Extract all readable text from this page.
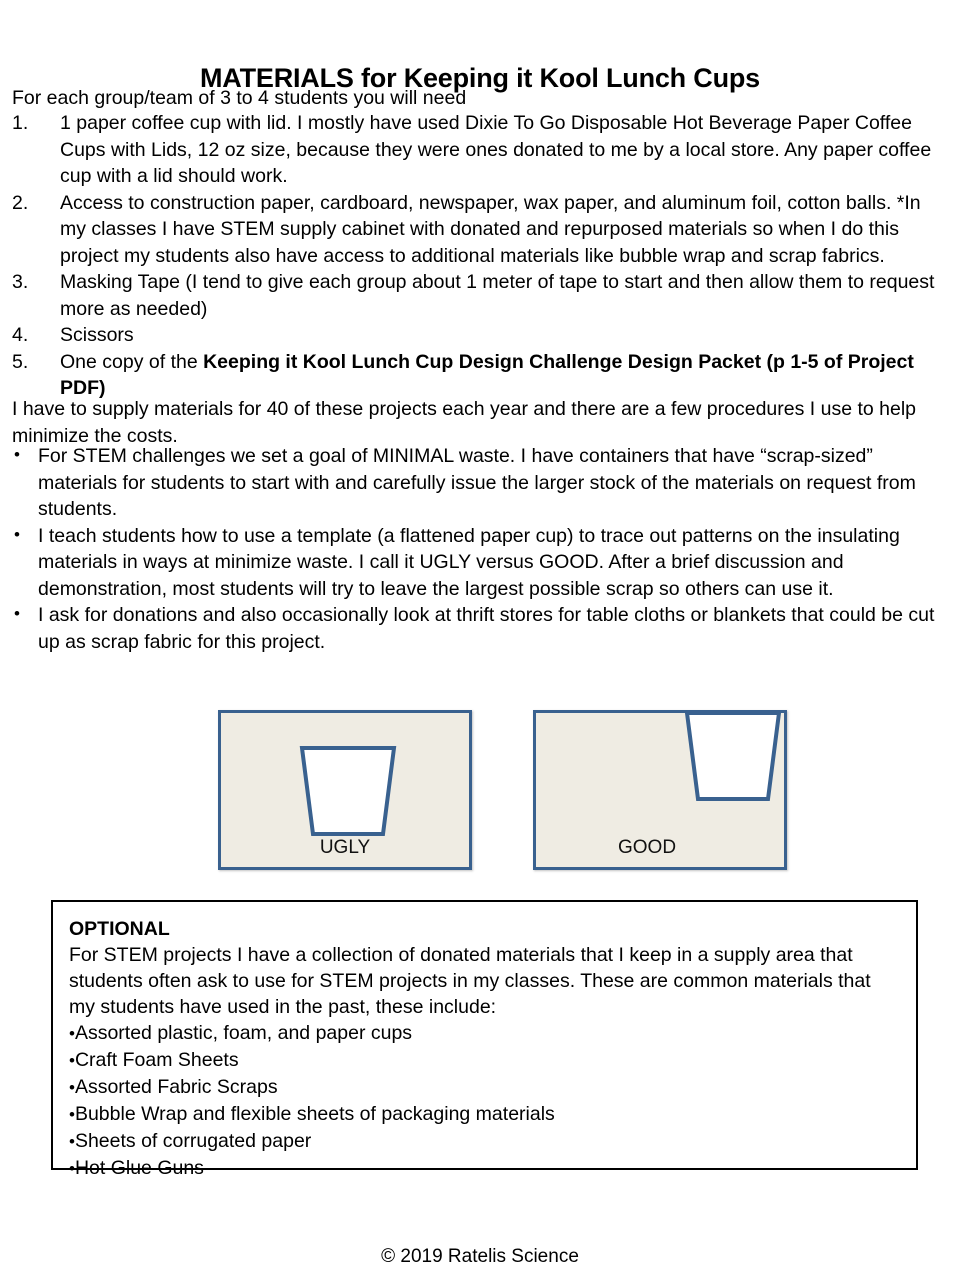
MATERIALS for Keeping it Kool Lunch Cups
For each group/team of 3 to 4 students you will need
1.	1 paper coffee cup with lid. I mostly have used Dixie To Go Disposable Hot Beverage Paper Coffee Cups with Lids, 12 oz size, because they were ones donated to me by a local store. Any paper coffee cup with a lid should work.
2.	Access to construction paper, cardboard, newspaper, wax paper, and aluminum foil, cotton balls. *In my classes I have STEM supply cabinet with donated and repurposed materials so when I do this project my students also have access to additional materials like bubble wrap and scrap fabrics.
3.	Masking Tape (I tend to give each group about 1 meter of tape to start and then allow them to request more as needed)
4.	Scissors
5.	One copy of the Keeping it Kool Lunch Cup Design Challenge Design Packet (p 1-5 of Project PDF)
I have to supply materials for 40 of these projects each year and there are a few procedures I use to help minimize the costs.
• For STEM challenges we set a goal of MINIMAL waste. I have containers that have “scrap-sized” materials for students to start with and carefully issue the larger stock of the materials on request from students.
• I teach students how to use a template (a flattened paper cup) to trace out patterns on the insulating materials in ways at minimize waste. I call it UGLY versus GOOD. After a brief discussion and demonstration, most students will try to leave the largest possible scrap so others can use it.
• I ask for donations and also occasionally look at thrift stores for table cloths or blankets that could be cut up as scrap fabric for this project.
UGLY	GOOD
OPTIONAL
For STEM projects I have a collection of donated materials that I keep in a supply area that students often ask to use for STEM projects in my classes. These are common materials that my students have used in the past, these include:
•Assorted plastic, foam, and paper cups
•Craft Foam Sheets
•Assorted Fabric Scraps
•Bubble Wrap and flexible sheets of packaging materials
•Sheets of corrugated paper
•Hot Glue Guns
© 2019 Ratelis Science
